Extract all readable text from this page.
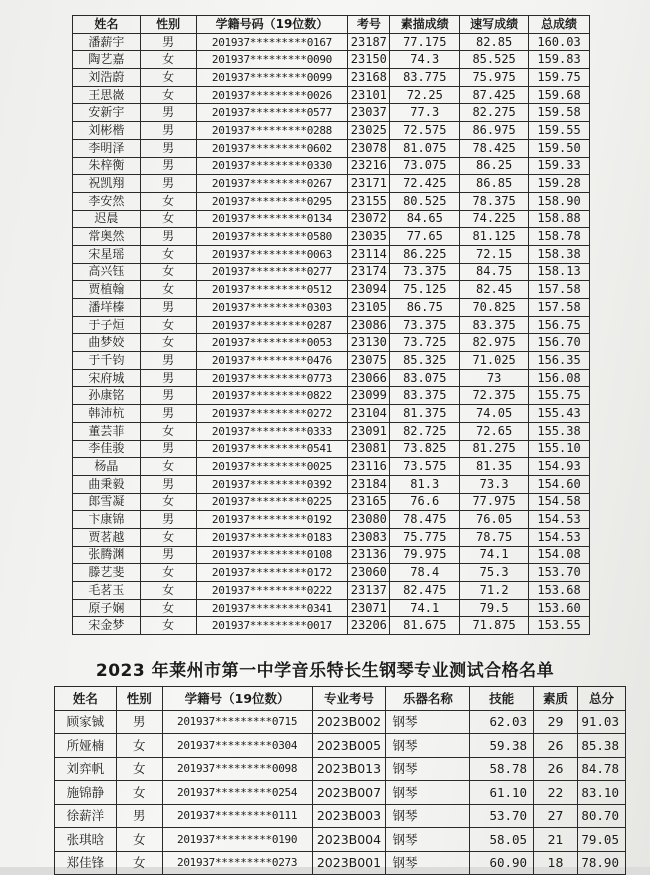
姓名	性别	学籍号码（19位数）	考号	素描成绩	速写成绩	总成绩
潘薪宇	男	201937*********0167	23187	77.175	82.85	160.03
陶艺嘉	女	201937*********0090	23150	74.3	85.525	159.83
刘浩蔚	女	201937*********0099	23168	83.775	75.975	159.75
王思嶶	女	201937*********0026	23101	72.25	87.425	159.68
安新宇	男	201937*********0577	23037	77.3	82.275	159.58
刘彬楷	男	201937*********0288	23025	72.575	86.975	159.55
李明泽	男	201937*********0602	23078	81.075	78.425	159.50
朱梓衡	男	201937*********0330	23216	73.075	86.25	159.33
祝凯翔	男	201937*********0267	23171	72.425	86.85	159.28
李安然	女	201937*********0295	23155	80.525	78.375	158.90
迟晨	女	201937*********0134	23072	84.65	74.225	158.88
常奥然	男	201937*********0580	23035	77.65	81.125	158.78
宋星瑶	女	201937*********0063	23114	86.225	72.15	158.38
高兴钰	女	201937*********0277	23174	73.375	84.75	158.13
贾植翰	女	201937*********0512	23094	75.125	82.45	157.58
潘垟榛	男	201937*********0303	23105	86.75	70.825	157.58
于子烜	女	201937*********0287	23086	73.375	83.375	156.75
曲梦姣	女	201937*********0053	23130	73.725	82.975	156.70
于千钧	男	201937*********0476	23075	85.325	71.025	156.35
宋府城	男	201937*********0773	23066	83.075	73	156.08
孙康铭	男	201937*********0822	23099	83.375	72.375	155.75
韩沛杭	男	201937*********0272	23104	81.375	74.05	155.43
董芸菲	女	201937*********0333	23091	82.725	72.65	155.38
李佳骏	男	201937*********0541	23081	73.825	81.275	155.10
杨晶	女	201937*********0025	23116	73.575	81.35	154.93
曲秉毅	男	201937*********0392	23184	81.3	73.3	154.60
郎雪凝	女	201937*********0225	23165	76.6	77.975	154.58
卞康锦	男	201937*********0192	23080	78.475	76.05	154.53
贾茗越	女	201937*********0183	23083	75.775	78.75	154.53
张腾渊	男	201937*********0108	23136	79.975	74.1	154.08
滕艺斐	女	201937*********0172	23060	78.4	75.3	153.70
毛茗玉	女	201937*********0222	23137	82.475	71.2	153.68
原子娴	女	201937*********0341	23071	74.1	79.5	153.60
宋金梦	女	201937*********0017	23206	81.675	71.875	153.55
2023 年莱州市第一中学音乐特长生钢琴专业测试合格名单
姓名	性别	学籍号（19位数）	专业考号	乐器名称	技能	素质	总分
顾家铖	男	201937*********0715	2023B002	钢琴	62.03	29	91.03
所娅楠	女	201937*********0304	2023B005	钢琴	59.38	26	85.38
刘弈帆	女	201937*********0098	2023B013	钢琴	58.78	26	84.78
施锦静	女	201937*********0254	2023B007	钢琴	61.10	22	83.10
徐薪洋	男	201937*********0111	2023B003	钢琴	53.70	27	80.70
张琪晗	女	201937*********0190	2023B004	钢琴	58.05	21	79.05
郑佳锋	女	201937*********0273	2023B001	钢琴	60.90	18	78.90
